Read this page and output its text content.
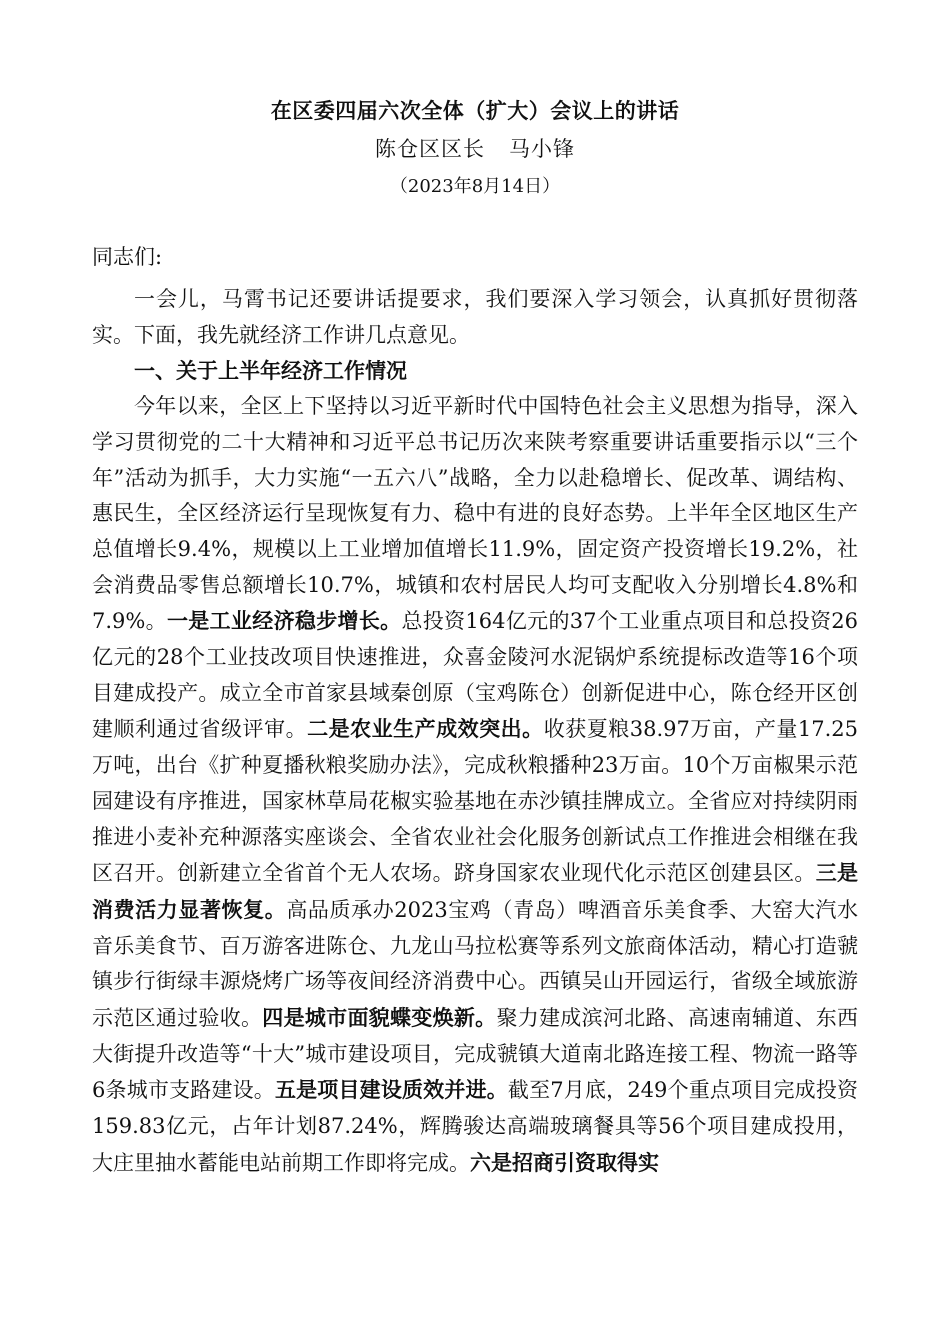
在区委四届六次全体（扩大）会议上的讲话
陈仓区区长 马小锋
（2023年8月14日）
同志们:

一会儿，马霄书记还要讲话提要求，我们要深入学习领会，认真抓好贯彻落实。下面，我先就经济工作讲几点意见。

一、关于上半年经济工作情况

今年以来，全区上下坚持以习近平新时代中国特色社会主义思想为指导，深入学习贯彻党的二十大精神和习近平总书记历次来陕考察重要讲话重要指示以“三个年”活动为抓手，大力实施“一五六八”战略，全力以赴稳增长、促改革、调结构、惠民生，全区经济运行呈现恢复有力、稳中有进的良好态势。上半年全区地区生产总值增长9.4%，规模以上工业增加值增长11.9%，固定资产投资增长19.2%，社会消费品零售总额增长10.7%，城镇和农村居民人均可支配收入分别增长4.8%和7.9%。一是工业经济稳步增长。总投资164亿元的37个工业重点项目和总投资26亿元的28个工业技改项目快速推进，众喜金陵河水泥锅炉系统提标改造等16个项目建成投产。成立全市首家县域秦创原（宝鸡陈仓）创新促进中心，陈仓经开区创建顺利通过省级评审。二是农业生产成效突出。收获夏粮38.97万亩，产量17.25万吨，出台《扩种夏播秋粮奖励办法》，完成秋粮播种23万亩。10个万亩椒果示范园建设有序推进，国家林草局花椒实验基地在赤沙镇挂牌成立。全省应对持续阴雨推进小麦补充种源落实座谈会、全省农业社会化服务创新试点工作推进会相继在我区召开。创新建立全省首个无人农场。跻身国家农业现代化示范区创建县区。三是消费活力显著恢复。高品质承办2023宝鸡（青岛）啤酒音乐美食季、大窑大汽水音乐美食节、百万游客进陈仓、九龙山马拉松赛等系列文旅商体活动，精心打造虢镇步行街绿丰源烧烤广场等夜间经济消费中心。西镇吴山开园运行，省级全域旅游示范区通过验收。四是城市面貌蝶变焕新。聚力建成滨河北路、高速南辅道、东西大街提升改造等“十大”城市建设项目，完成虢镇大道南北路连接工程、物流一路等6条城市支路建设。五是项目建设质效并进。截至7月底，249个重点项目完成投资159.83亿元，占年计划87.24%，辉腾骏达高端玻璃餐具等56个项目建成投用，大庄里抽水蓄能电站前期工作即将完成。六是招商引资取得实
